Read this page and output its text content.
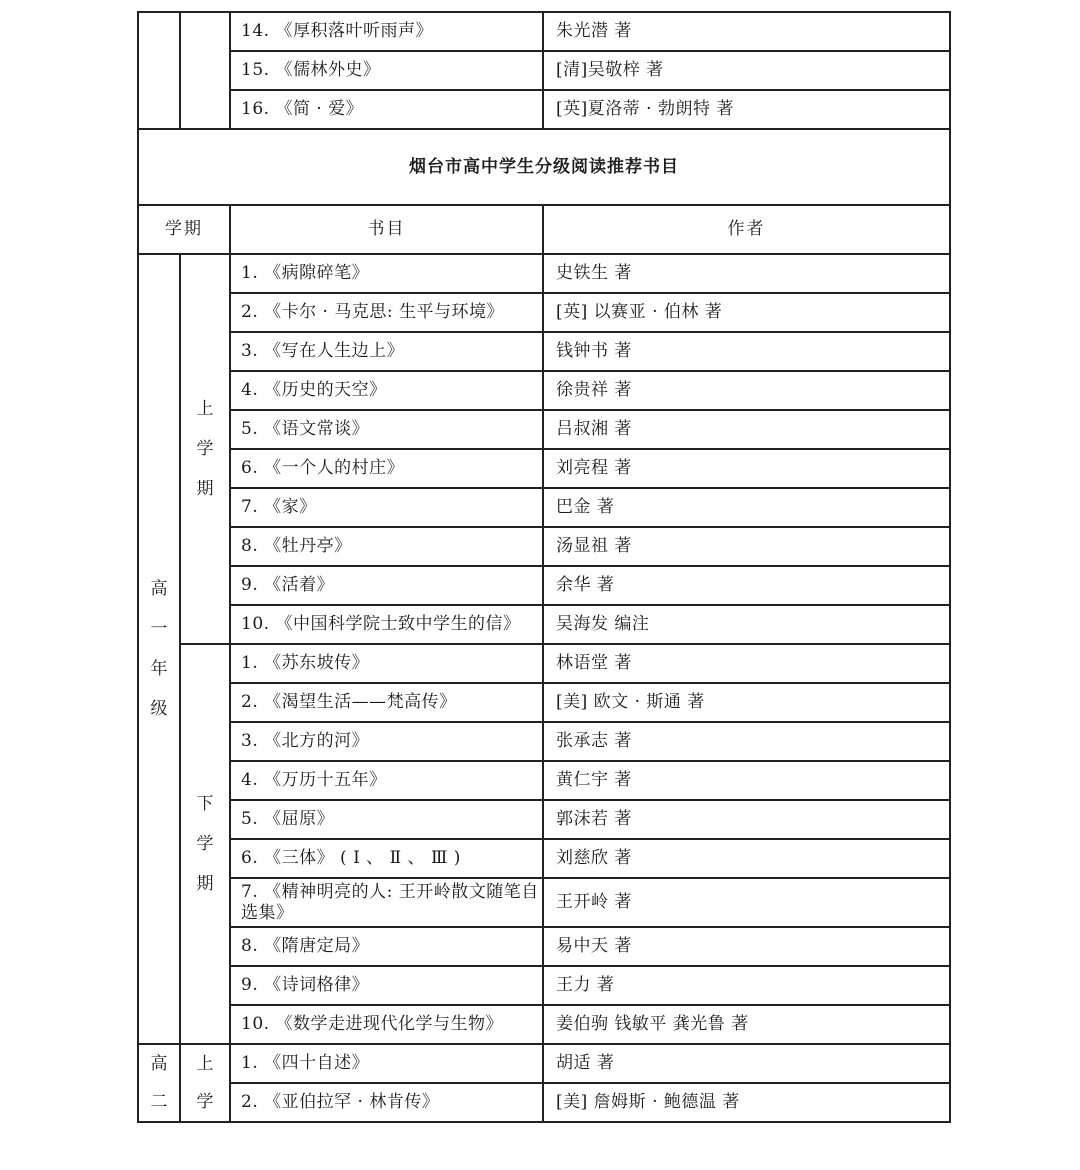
		14. 《厚积落叶听雨声》	朱光潜 著
		15. 《儒林外史》	[清]吴敬梓 著
		16. 《简 · 爱》	[英]夏洛蒂 · 勃朗特 著
烟台市高中学生分级阅读推荐书目			
学期		书目	作者
高一年级	上学期	1. 《病隙碎笔》	史铁生 著
		2. 《卡尔 · 马克思: 生平与环境》	[英] 以赛亚 · 伯林 著
		3. 《写在人生边上》	钱钟书 著
		4. 《历史的天空》	徐贵祥 著
		5. 《语文常谈》	吕叔湘 著
		6. 《一个人的村庄》	刘亮程 著
		7. 《家》	巴金 著
		8. 《牡丹亭》	汤显祖 著
		9. 《活着》	余华 著
		10. 《中国科学院士致中学生的信》	吴海发 编注
	下学期	1. 《苏东坡传》	林语堂 著
		2. 《渴望生活——梵高传》	[美] 欧文 · 斯通 著
		3. 《北方的河》	张承志 著
		4. 《万历十五年》	黄仁宇 著
		5. 《屈原》	郭沫若 著
		6. 《三体》 ( Ⅰ 、 Ⅱ 、 Ⅲ )	刘慈欣 著
		7. 《精神明亮的人: 王开岭散文随笔自选集》	王开岭 著
		8. 《隋唐定局》	易中天 著
		9. 《诗词格律》	王力 著
		10. 《数学走进现代化学与生物》	姜伯驹 钱敏平 龚光鲁 著
高二	上学	1. 《四十自述》	胡适 著
		2. 《亚伯拉罕 · 林肯传》	[美] 詹姆斯 · 鲍德温 著
